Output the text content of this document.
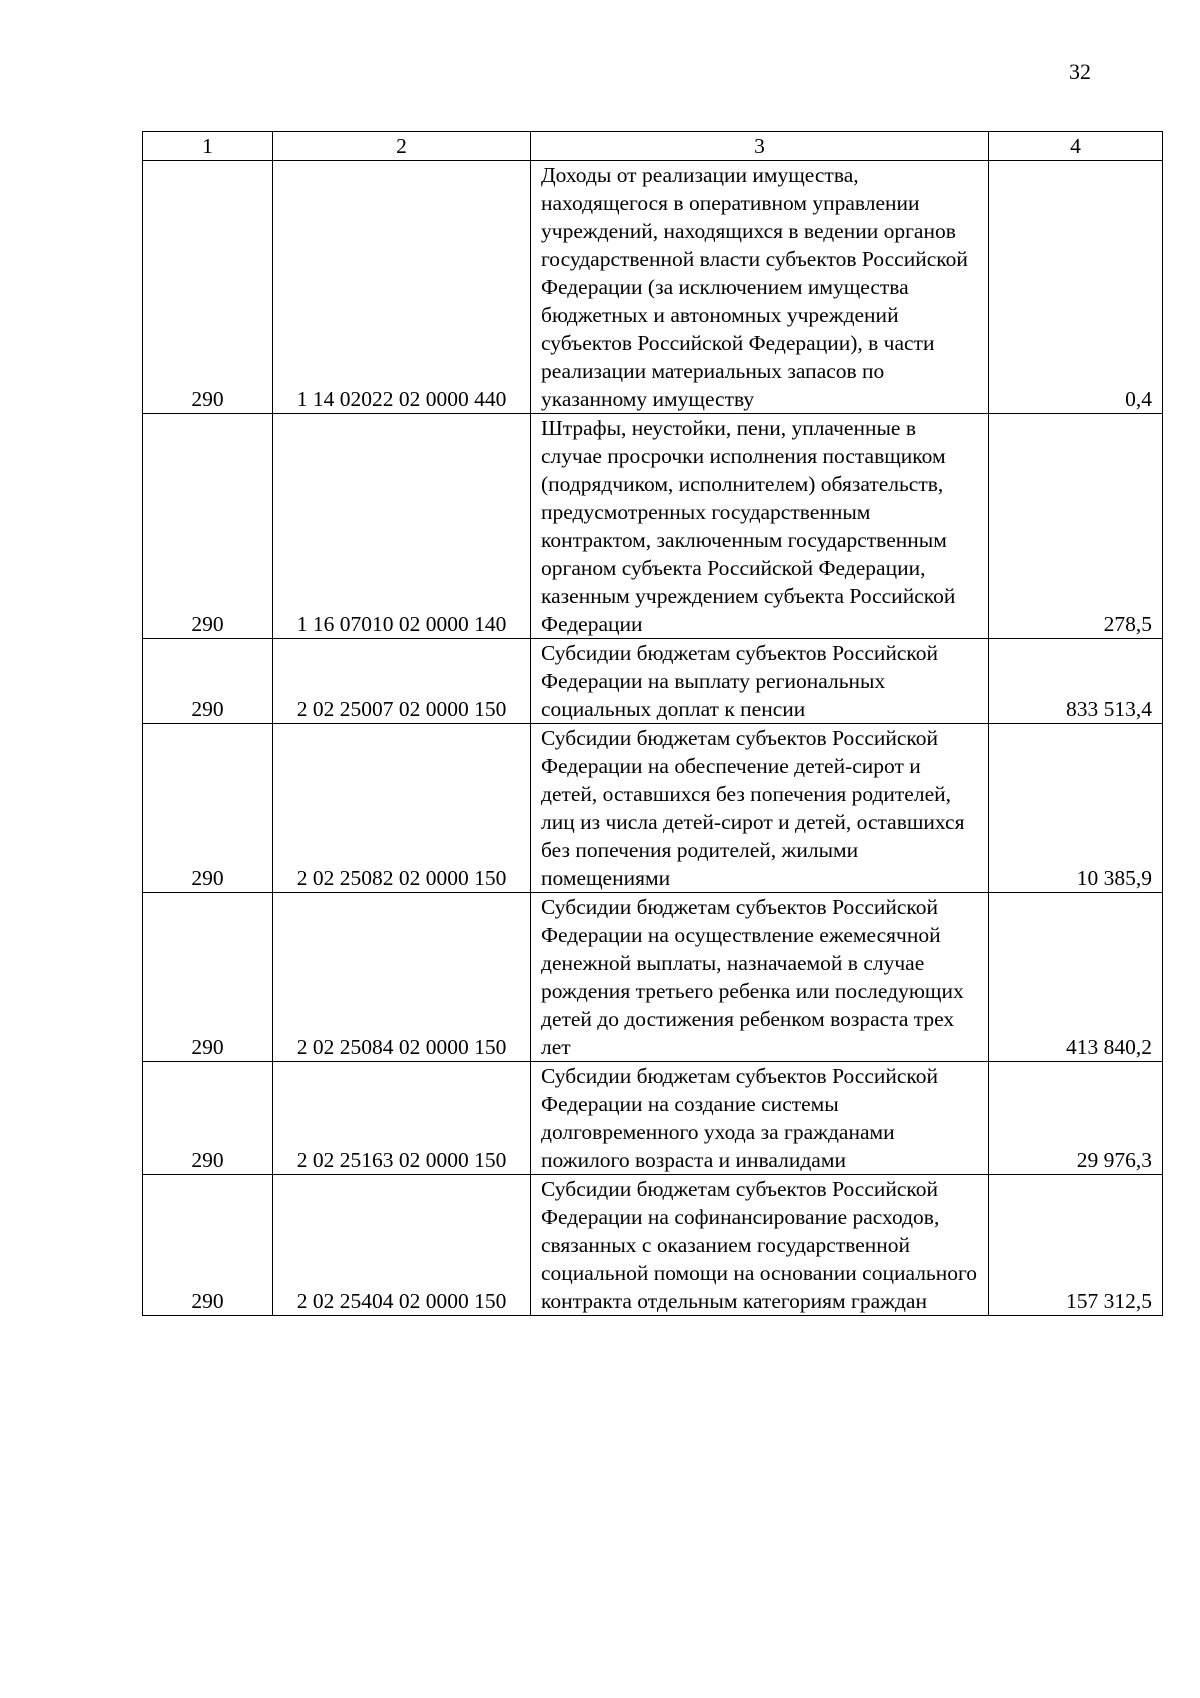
32
1	2	3	4
290	1 14 02022 02 0000 440	Доходы от реализации имущества, находящегося в оперативном управлении учреждений, находящихся в ведении органов государственной власти субъектов Российской Федерации (за исключением имущества бюджетных и автономных учреждений субъектов Российской Федерации), в части реализации материальных запасов по указанному имуществу	0,4
290	1 16 07010 02 0000 140	Штрафы, неустойки, пени, уплаченные в случае просрочки исполнения поставщиком (подрядчиком, исполнителем) обязательств, предусмотренных государственным контрактом, заключенным государственным органом субъекта Российской Федерации, казенным учреждением субъекта Российской Федерации	278,5
290	2 02 25007 02 0000 150	Субсидии бюджетам субъектов Российской Федерации на выплату региональных социальных доплат к пенсии	833 513,4
290	2 02 25082 02 0000 150	Субсидии бюджетам субъектов Российской Федерации на обеспечение детей-сирот и детей, оставшихся без попечения родителей, лиц из числа детей-сирот и детей, оставшихся без попечения родителей, жилыми помещениями	10 385,9
290	2 02 25084 02 0000 150	Субсидии бюджетам субъектов Российской Федерации на осуществление ежемесячной денежной выплаты, назначаемой в случае рождения третьего ребенка или последующих детей до достижения ребенком возраста трех лет	413 840,2
290	2 02 25163 02 0000 150	Субсидии бюджетам субъектов Российской Федерации на создание системы долговременного ухода за гражданами пожилого возраста и инвалидами	29 976,3
290	2 02 25404 02 0000 150	Субсидии бюджетам субъектов Российской Федерации на софинансирование расходов, связанных с оказанием государственной социальной помощи на основании социального контракта отдельным категориям граждан	157 312,5
